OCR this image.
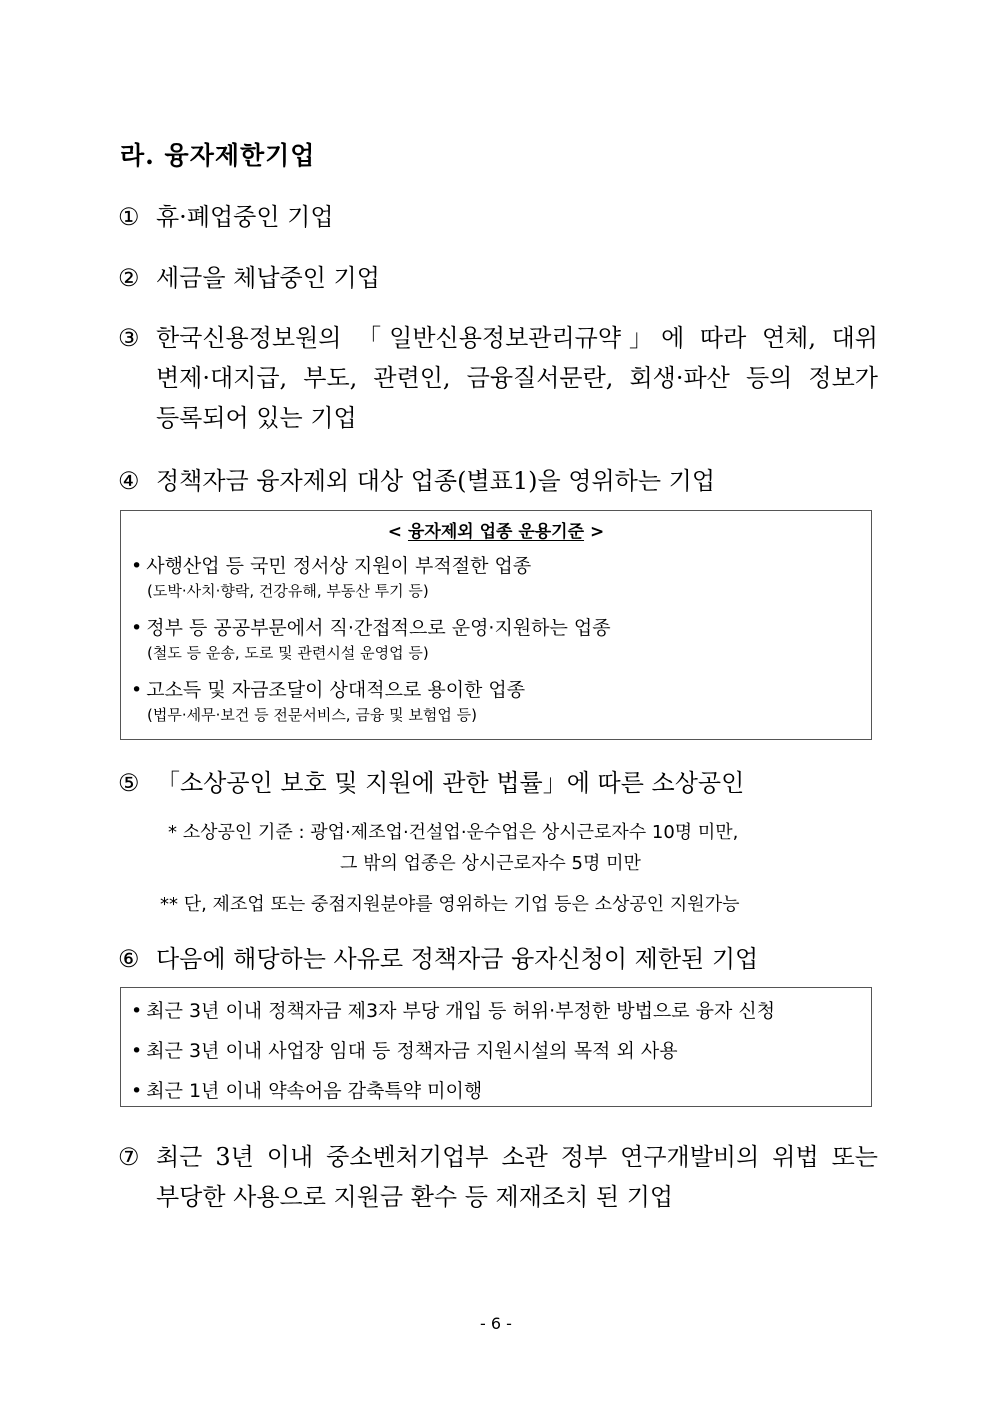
라. 융자제한기업
① 휴·폐업중인 기업
② 세금을 체납중인 기업
③ 한국신용정보원의 「일반신용정보관리규약」에 따라 연체, 대위
변제·대지급, 부도, 관련인, 금융질서문란, 회생·파산 등의 정보가
등록되어 있는 기업
④ 정책자금 융자제외 대상 업종(별표1)을 영위하는 기업
< 융자제외 업종 운용기준 >
• 사행산업 등 국민 정서상 지원이 부적절한 업종
(도박·사치·향락, 건강유해, 부동산 투기 등)
• 정부 등 공공부문에서 직·간접적으로 운영·지원하는 업종
(철도 등 운송, 도로 및 관련시설 운영업 등)
• 고소득 및 자금조달이 상대적으로 용이한 업종
(법무·세무·보건 등 전문서비스, 금융 및 보험업 등)
⑤ 「소상공인 보호 및 지원에 관한 법률」에 따른 소상공인
* 소상공인 기준 : 광업·제조업·건설업·운수업은 상시근로자수 10명 미만,
그 밖의 업종은 상시근로자수 5명 미만
** 단, 제조업 또는 중점지원분야를 영위하는 기업 등은 소상공인 지원가능
⑥ 다음에 해당하는 사유로 정책자금 융자신청이 제한된 기업
• 최근 3년 이내 정책자금 제3자 부당 개입 등 허위·부정한 방법으로 융자 신청
• 최근 3년 이내 사업장 임대 등 정책자금 지원시설의 목적 외 사용
• 최근 1년 이내 약속어음 감축특약 미이행
⑦ 최근 3년 이내 중소벤처기업부 소관 정부 연구개발비의 위법 또는
부당한 사용으로 지원금 환수 등 제재조치 된 기업
- 6 -
